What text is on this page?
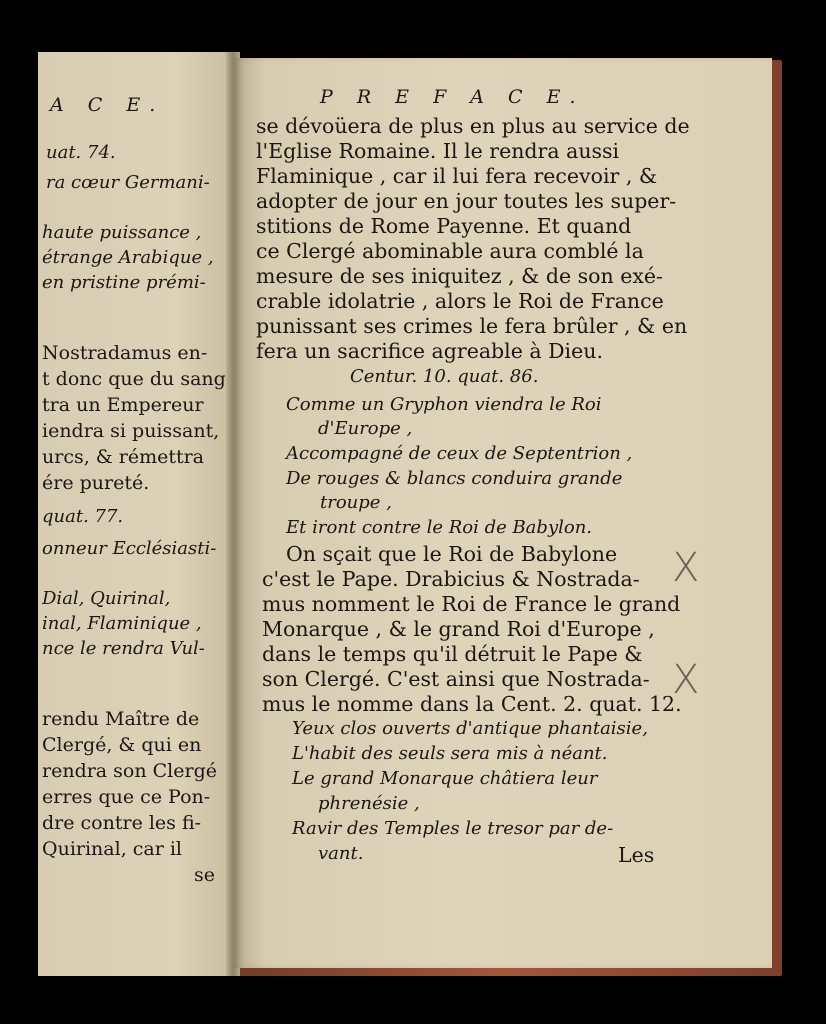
A C E.
uat. 74.
ra cœur Germani-
haute puissance ,
étrange Arabique ,
en pristine prémi-
Nostradamus en-
t donc que du sang
tra un Empereur
iendra si puissant,
urcs, & rémettra
ére pureté.
quat. 77.
onneur Ecclésiasti-
Dial, Quirinal,
inal, Flaminique ,
nce le rendra Vul-
rendu Maître de
Clergé, & qui en
rendra son Clergé
erres que ce Pon-
dre contre les fi-
Quirinal, car il
se
P R E F A C E.
se dévoüera de plus en plus au service de
l'Eglise Romaine. Il le rendra aussi
Flaminique , car il lui fera recevoir , &
adopter de jour en jour toutes les super-
stitions de Rome Payenne. Et quand
ce Clergé abominable aura comblé la
mesure de ses iniquitez , & de son exé-
crable idolatrie , alors le Roi de France
punissant ses crimes le fera brûler , & en
fera un sacrifice agreable à Dieu.
Centur. 10. quat. 86.
Comme un Gryphon viendra le Roi
d'Europe ,
Accompagné de ceux de Septentrion ,
De rouges & blancs conduira grande
troupe ,
Et iront contre le Roi de Babylon.
On sçait que le Roi de Babylone
c'est le Pape. Drabicius & Nostrada-
mus nomment le Roi de France le grand
Monarque , & le grand Roi d'Europe ,
dans le temps qu'il détruit le Pape &
son Clergé. C'est ainsi que Nostrada-
mus le nomme dans la Cent. 2. quat. 12.
Yeux clos ouverts d'antique phantaisie,
L'habit des seuls sera mis à néant.
Le grand Monarque châtiera leur
phrenésie ,
Ravir des Temples le tresor par de-
vant.	Les
X
X
